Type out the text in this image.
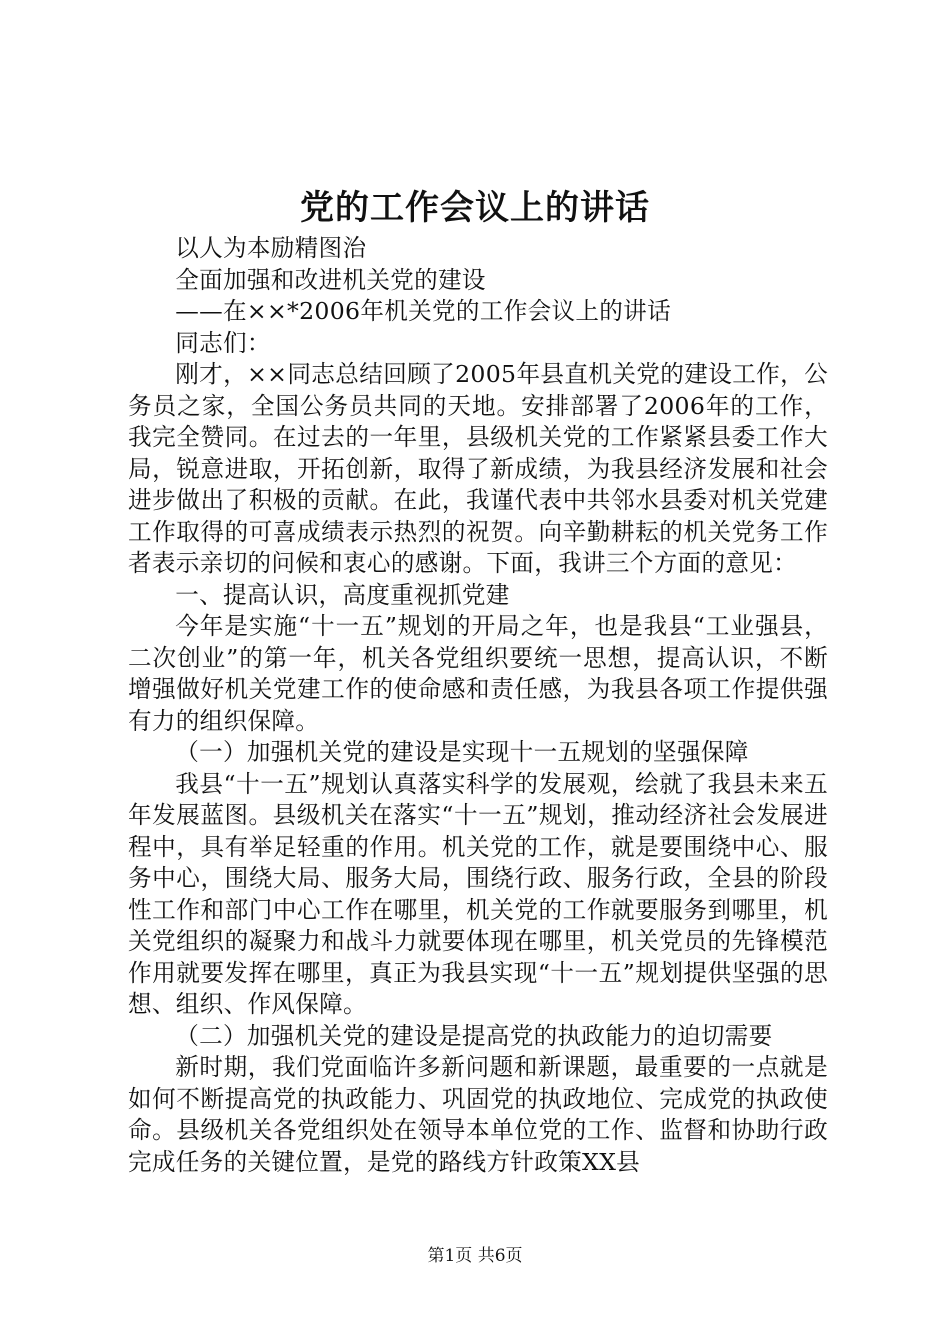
党的工作会议上的讲话

以人为本励精图治

全面加强和改进机关党的建设

——在××*2006年机关党的工作会议上的讲话

同志们：

刚才，××同志总结回顾了2005年县直机关党的建设工作，公务员之家，全国公务员共同的天地。安排部署了2006年的工作，我完全赞同。在过去的一年里，县级机关党的工作紧紧县委工作大局，锐意进取，开拓创新，取得了新成绩，为我县经济发展和社会进步做出了积极的贡献。在此，我谨代表中共邻水县委对机关党建工作取得的可喜成绩表示热烈的祝贺。向辛勤耕耘的机关党务工作者表示亲切的问候和衷心的感谢。下面，我讲三个方面的意见：

一、提高认识，高度重视抓党建

今年是实施“十一五”规划的开局之年，也是我县“工业强县，二次创业”的第一年，机关各党组织要统一思想，提高认识，不断增强做好机关党建工作的使命感和责任感，为我县各项工作提供强有力的组织保障。

（一）加强机关党的建设是实现十一五规划的坚强保障

我县“十一五”规划认真落实科学的发展观，绘就了我县未来五年发展蓝图。县级机关在落实“十一五”规划，推动经济社会发展进程中，具有举足轻重的作用。机关党的工作，就是要围绕中心、服务中心，围绕大局、服务大局，围绕行政、服务行政，全县的阶段性工作和部门中心工作在哪里，机关党的工作就要服务到哪里，机关党组织的凝聚力和战斗力就要体现在哪里，机关党员的先锋模范作用就要发挥在哪里，真正为我县实现“十一五”规划提供坚强的思想、组织、作风保障。

（二）加强机关党的建设是提高党的执政能力的迫切需要

新时期，我们党面临许多新问题和新课题，最重要的一点就是如何不断提高党的执政能力、巩固党的执政地位、完成党的执政使命。县级机关各党组织处在领导本单位党的工作、监督和协助行政完成任务的关键位置，是党的路线方针政策XX县

第1页 共6页
